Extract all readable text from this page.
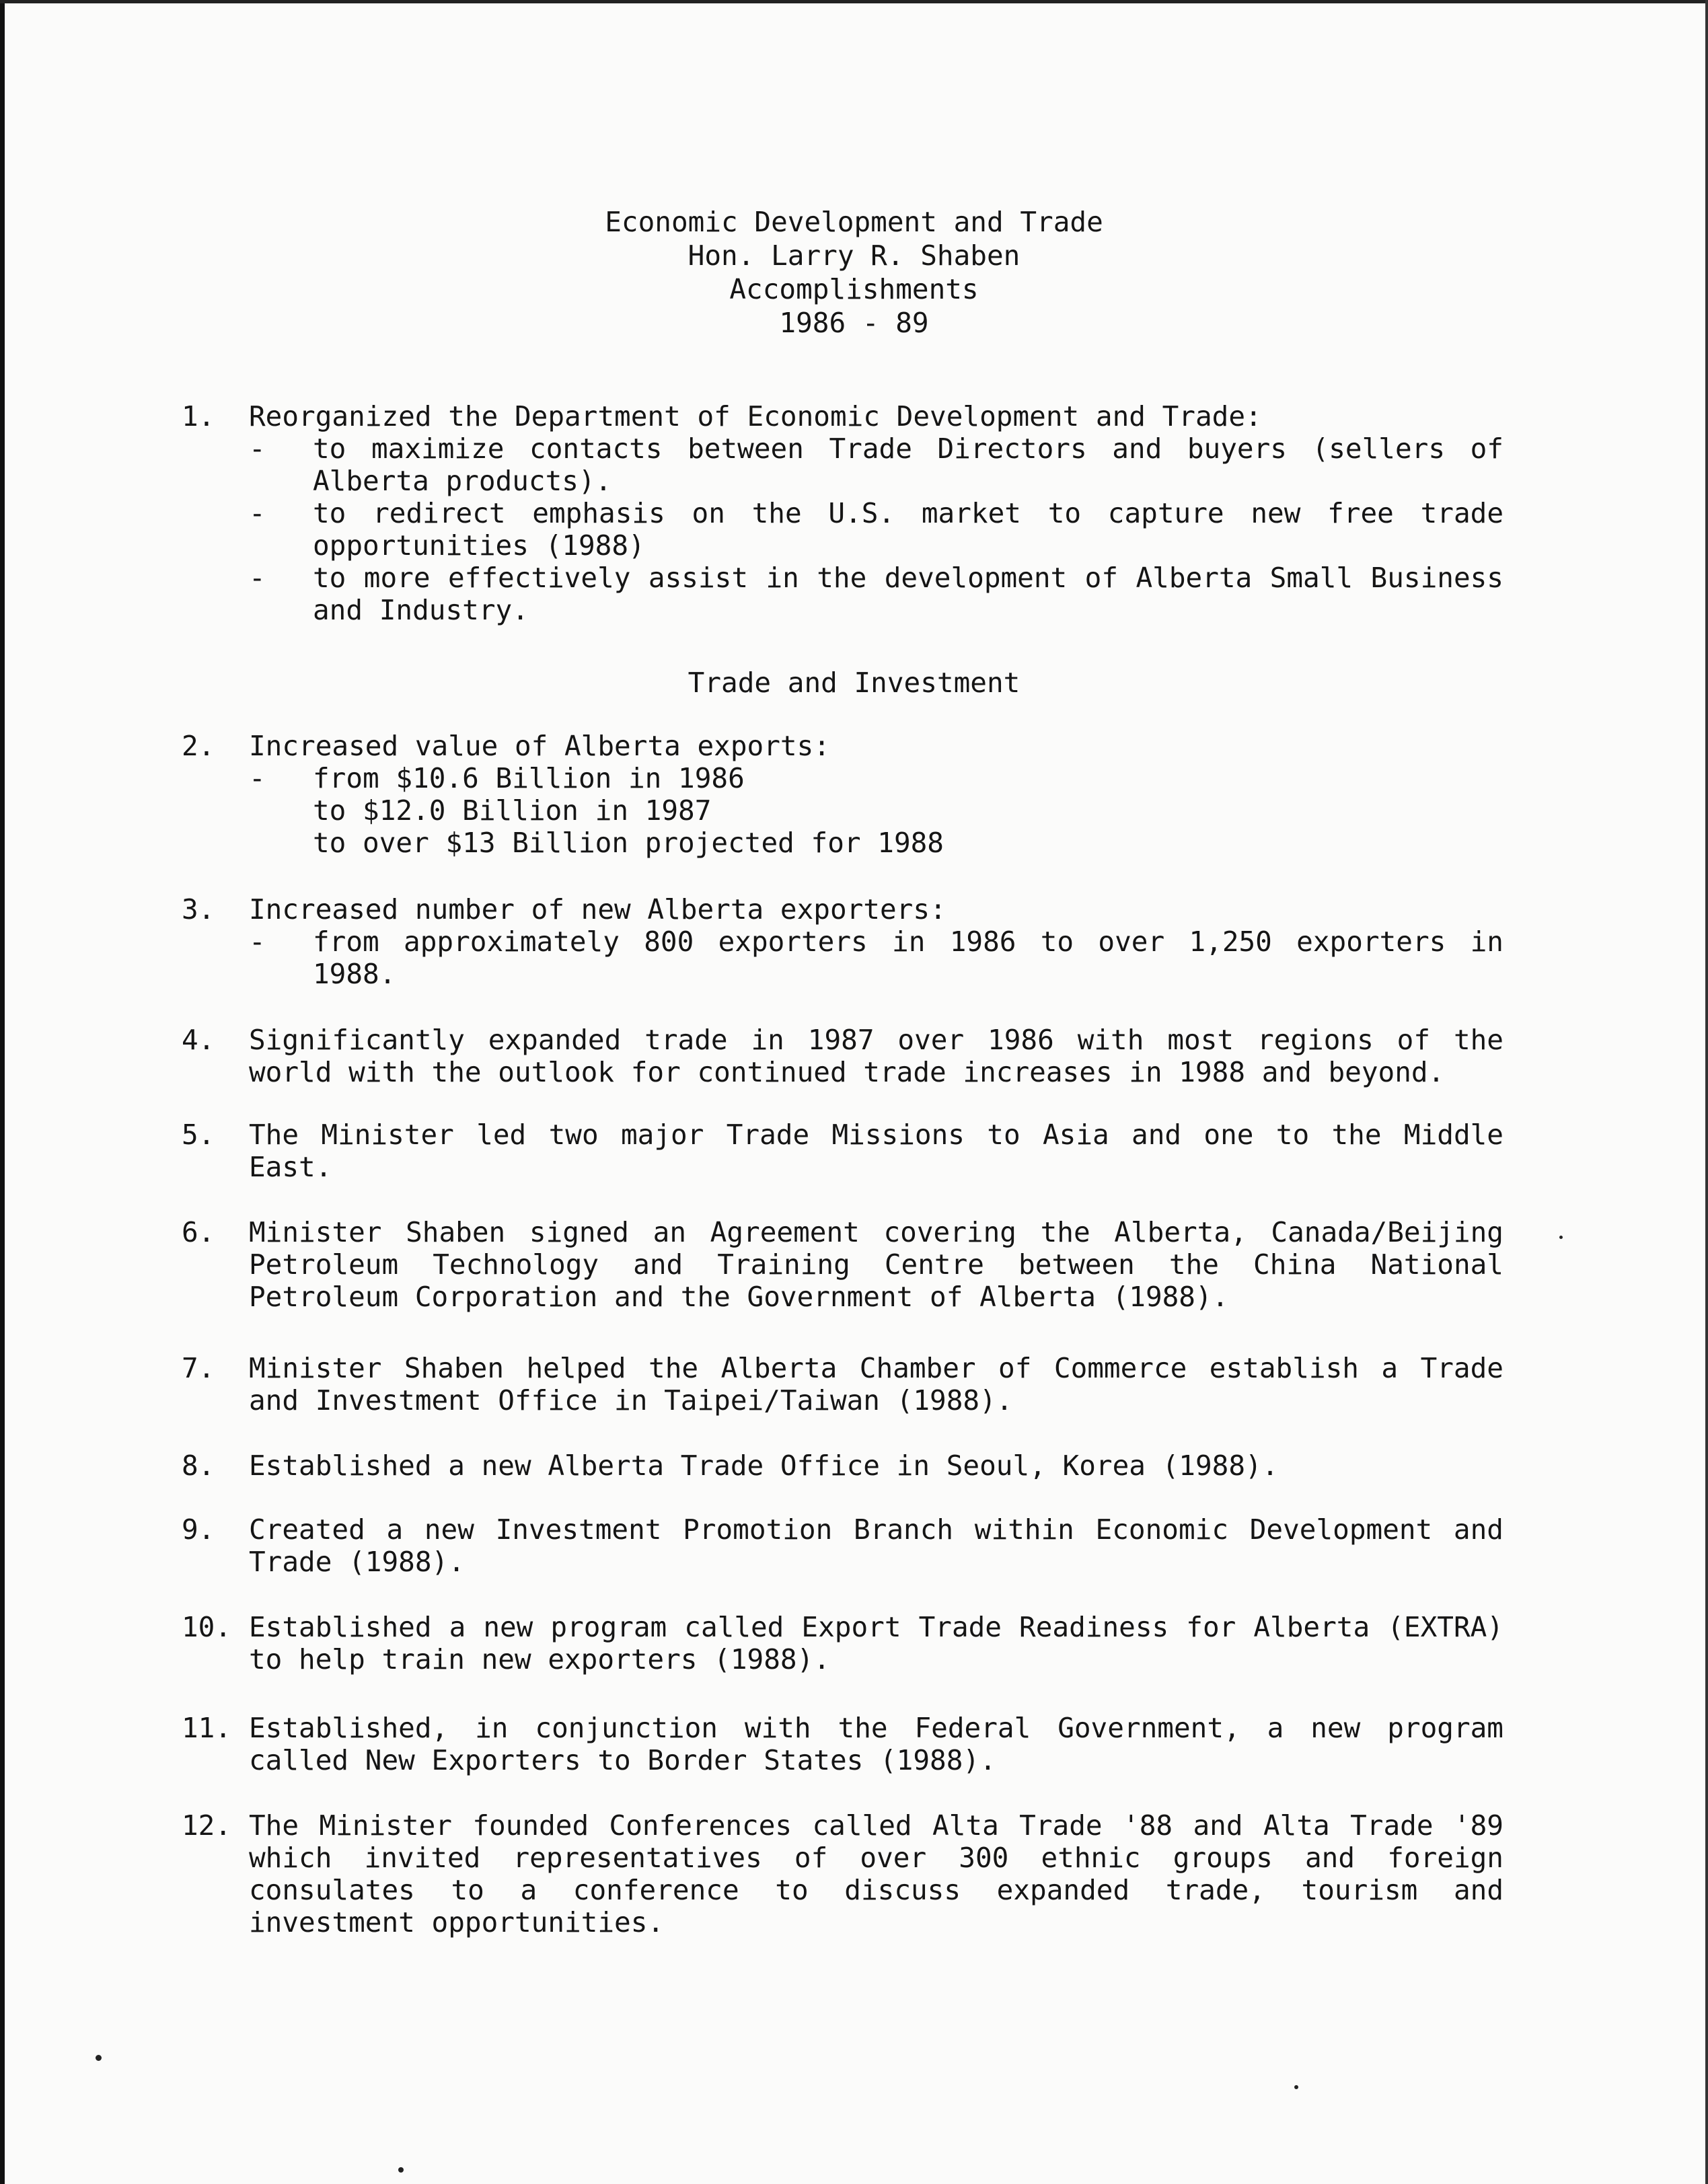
Economic Development and Trade
Hon. Larry R. Shaben
Accomplishments
1986 - 89
1.	Reorganized the Department of Economic Development and Trade:
- to maximize contacts between Trade Directors and buyers (sellers of Alberta products).
- to redirect emphasis on the U.S. market to capture new free trade opportunities (1988)
- to more effectively assist in the development of Alberta Small Business and Industry.
Trade and Investment
2.	Increased value of Alberta exports:
- from $10.6 Billion in 1986
to $12.0 Billion in 1987
to over $13 Billion projected for 1988
3.	Increased number of new Alberta exporters:
- from approximately 800 exporters in 1986 to over 1,250 exporters in 1988.
4.	Significantly expanded trade in 1987 over 1986 with most regions of the world with the outlook for continued trade increases in 1988 and beyond.
5.	The Minister led two major Trade Missions to Asia and one to the Middle East.
6.	Minister Shaben signed an Agreement covering the Alberta, Canada/Beijing Petroleum Technology and Training Centre between the China National Petroleum Corporation and the Government of Alberta (1988).
7.	Minister Shaben helped the Alberta Chamber of Commerce establish a Trade and Investment Office in Taipei/Taiwan (1988).
8.	Established a new Alberta Trade Office in Seoul, Korea (1988).
9.	Created a new Investment Promotion Branch within Economic Development and Trade (1988).
10. Established a new program called Export Trade Readiness for Alberta (EXTRA) to help train new exporters (1988).
11. Established, in conjunction with the Federal Government, a new program called New Exporters to Border States (1988).
12. The Minister founded Conferences called Alta Trade '88 and Alta Trade '89 which invited representatives of over 300 ethnic groups and foreign consulates to a conference to discuss expanded trade, tourism and investment opportunities.
